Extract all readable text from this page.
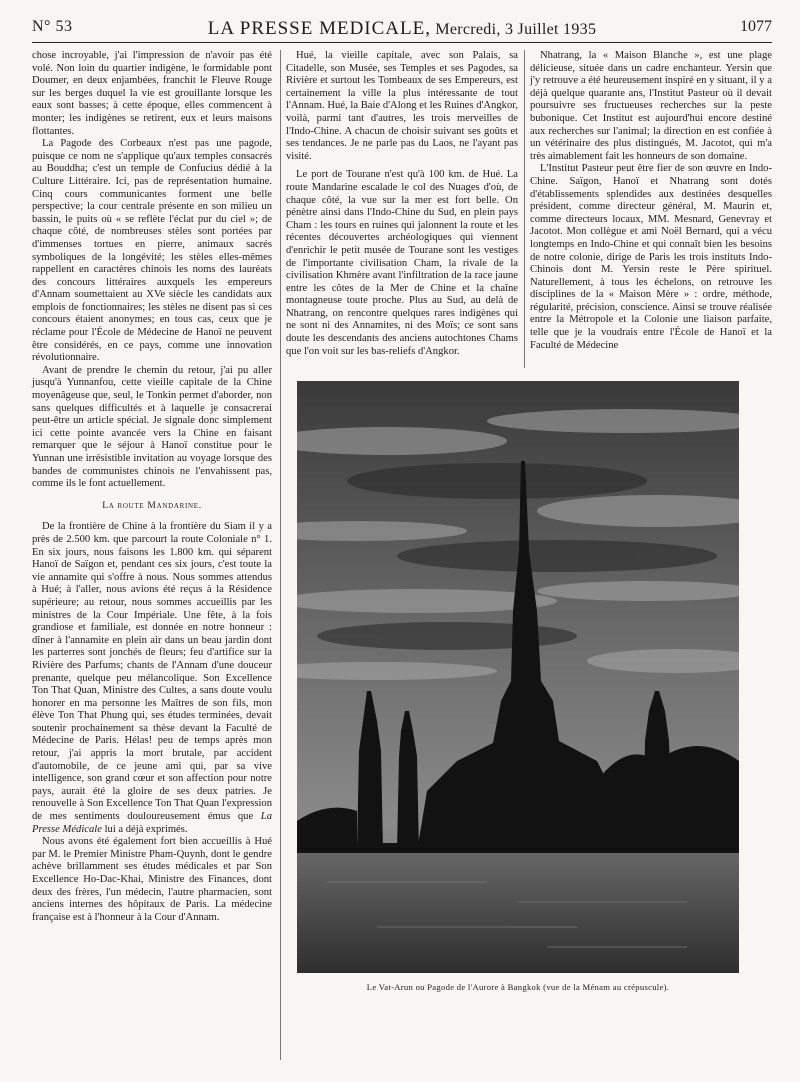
N° 53	LA PRESSE MEDICALE, Mercredi, 3 Juillet 1935	1077

chose incroyable, j'ai l'impression de n'avoir pas été volé. Non loin du quartier indigène, le formidable pont Doumer, en deux enjambées, franchit le Fleuve Rouge sur les berges duquel la vie est grouillante lorsque les eaux sont basses; à cette époque, elles commencent à monter; les indigènes se retirent, eux et leurs maisons flottantes.

La Pagode des Corbeaux n'est pas une pagode, puisque ce nom ne s'applique qu'aux temples consacrés au Bouddha; c'est un temple de Confucius dédié à la Culture Littéraire. Ici, pas de représentation humaine. Cinq cours communicantes forment une belle perspective; la cour centrale présente en son milieu un bassin, le puits où « se reflète l'éclat pur du ciel »; de chaque côté, de nombreuses stèles sont portées par d'immenses tortues en pierre, animaux sacrés symboliques de la longévité; les stèles elles-mêmes rappellent en caractères chinois les noms des lauréats des concours littéraires auxquels les empereurs d'Annam soumettaient au XVe siècle les candidats aux emplois de fonctionnaires; les stèles ne disent pas si ces concours étaient anonymes; en tous cas, ceux que je réclame pour l'École de Médecine de Hanoï ne peuvent être considérés, en ce pays, comme une innovation révolutionnaire.

Avant de prendre le chemin du retour, j'ai pu aller jusqu'à Yunnanfou, cette vieille capitale de la Chine moyenâgeuse que, seul, le Tonkin permet d'aborder, non sans quelques difficultés et à laquelle je consacrerai peut-être un article spécial. Je signale donc simplement ici cette pointe avancée vers la Chine en faisant remarquer que le séjour à Hanoï constitue pour le Yunnan une irrésistible invitation au voyage lorsque des bandes de communistes chinois ne l'envahissent pas, comme ils le font actuellement.

La route Mandarine.

De la frontière de Chine à la frontière du Siam il y a près de 2.500 km. que parcourt la route Coloniale n° 1. En six jours, nous faisons les 1.800 km. qui séparent Hanoï de Saïgon et, pendant ces six jours, c'est toute la vie annamite qui s'offre à nous. Nous sommes attendus à Hué; à l'aller, nous avions été reçus à la Résidence supérieure; au retour, nous sommes accueillis par les ministres de la Cour Impériale. Une fête, à la fois grandiose et familiale, est donnée en notre honneur : dîner à l'annamite en plein air dans un beau jardin dont les parterres sont jonchés de fleurs; feu d'artifice sur la Rivière des Parfums; chants de l'Annam d'une douceur prenante, quelque peu mélancolique. Son Excellence Ton That Quan, Ministre des Cultes, a sans doute voulu honorer en ma personne les Maîtres de son fils, mon élève Ton That Phung qui, ses études terminées, devait soutenir prochainement sa thèse devant la Faculté de Médecine de Paris. Hélas! peu de temps après mon retour, j'ai appris la mort brutale, par accident d'automobile, de ce jeune ami qui, par sa vive intelligence, son grand cœur et son affection pour notre pays, aurait été la gloire de ses deux patries. Je renouvelle à Son Excellence Ton That Quan l'expression de mes sentiments douloureusement émus que La Presse Médicale lui a déjà exprimés.

Nous avons été également fort bien accueillis à Hué par M. le Premier Ministre Pham-Quynh, dont le gendre achève brillamment ses études médicales et par Son Excellence Ho-Dac-Khai, Ministre des Finances, dont deux des frères, l'un médecin, l'autre pharmacien, sont anciens internes des hôpitaux de Paris. La médecine française est à l'honneur à la Cour d'Annam.

Hué, la vieille capitale, avec son Palais, sa Citadelle, son Musée, ses Temples et ses Pagodes, sa Rivière et surtout les Tombeaux de ses Empereurs, est certainement la ville la plus intéressante de tout l'Annam. Hué, la Baie d'Along et les Ruines d'Angkor, voilà, parmi tant d'autres, les trois merveilles de l'Indo-Chine. A chacun de choisir suivant ses goûts et ses tendances. Je ne parle pas du Laos, ne l'ayant pas visité.

Le port de Tourane n'est qu'à 100 km. de Hué. La route Mandarine escalade le col des Nuages d'où, de chaque côté, la vue sur la mer est fort belle. On pénètre ainsi dans l'Indo-Chine du Sud, en plein pays Cham : les tours en ruines qui jalonnent la route et les récentes découvertes archéologiques qui viennent d'enrichir le petit musée de Tourane sont les vestiges de l'importante civilisation Cham, la rivale de la civilisation Khmère avant l'infiltration de la race jaune entre les côtes de la Mer de Chine et la chaîne montagneuse toute proche. Plus au Sud, au delà de Nhatrang, on rencontre quelques rares indigènes qui ne sont ni des Annamites, ni des Moïs; ce sont sans doute les descendants des anciens autochtones Chams que l'on voit sur les bas-reliefs d'Angkor.

Nhatrang, la « Maison Blanche », est une plage délicieuse, située dans un cadre enchanteur. Yersin que j'y retrouve a été heureusement inspiré en y situant, il y a déjà quelque quarante ans, l'Institut Pasteur où il devait poursuivre ses fructueuses recherches sur la peste bubonique. Cet Institut est aujourd'hui encore destiné aux recherches sur l'animal; la direction en est confiée à un vétérinaire des plus distingués, M. Jacotot, qui m'a très aimablement fait les honneurs de son domaine.

L'Institut Pasteur peut être fier de son œuvre en Indo-Chine. Saïgon, Hanoï et Nhatrang sont dotés d'établissements splendides aux destinées desquelles président, comme directeur général, M. Maurin et, comme directeurs locaux, MM. Mesnard, Genevray et Jacotot. Mon collègue et ami Noël Bernard, qui a vécu longtemps en Indo-Chine et qui connaît bien les besoins de notre colonie, dirige de Paris les trois instituts Indo-Chinois dont M. Yersin reste le Père spirituel. Naturellement, à tous les échelons, on retrouve les disciplines de la « Maison Mère » : ordre, méthode, régularité, précision, conscience. Ainsi se trouve réalisée entre la Métropole et la Colonie une liaison parfaite, telle que je la voudrais entre l'École de Hanoï et la Faculté de Médecine

Le Vat-Arun ou Pagode de l'Aurore à Bangkok (vue de la Ménam au crépuscule).
